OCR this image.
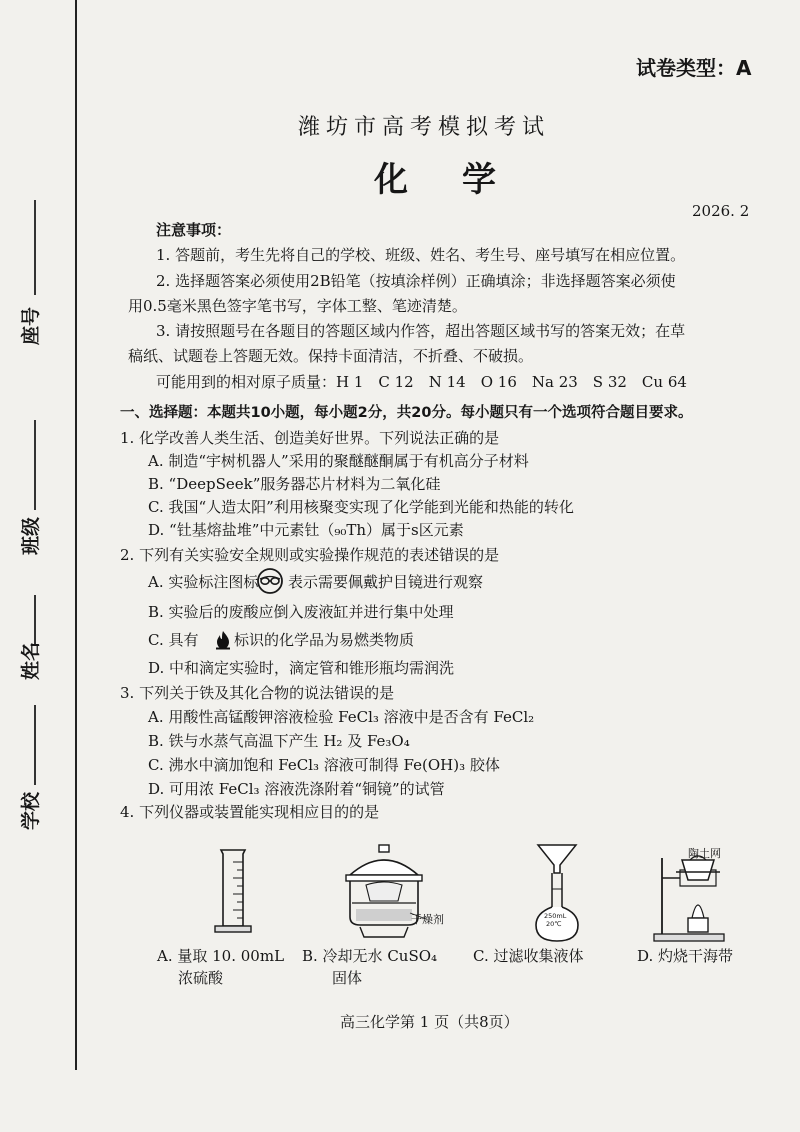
座号
班级
姓名
学校
试卷类型：A
潍坊市高考模拟考试
化学
2026. 2
注意事项：
1. 答题前，考生先将自己的学校、班级、姓名、考生号、座号填写在相应位置。
2. 选择题答案必须使用2B铅笔（按填涂样例）正确填涂；非选择题答案必须使
用0.5毫米黑色签字笔书写，字体工整、笔迹清楚。
3. 请按照题号在各题目的答题区域内作答，超出答题区域书写的答案无效；在草
稿纸、试题卷上答题无效。保持卡面清洁，不折叠、不破损。
可能用到的相对原子质量：H 1　C 12　N 14　O 16　Na 23　S 32　Cu 64
一、选择题：本题共10小题，每小题2分，共20分。每小题只有一个选项符合题目要求。
1. 化学改善人类生活、创造美好世界。下列说法正确的是
A. 制造“宇树机器人”采用的聚醚醚酮属于有机高分子材料
B. “DeepSeek”服务器芯片材料为二氧化硅
C. 我国“人造太阳”利用核聚变实现了化学能到光能和热能的转化
D. “钍基熔盐堆”中元素钍（₉₀Th）属于s区元素
2. 下列有关实验安全规则或实验操作规范的表述错误的是
A. 实验标注图标 表示需要佩戴护目镜进行观察
B. 实验后的废酸应倒入废液缸并进行集中处理
C. 具有 标识的化学品为易燃类物质
D. 中和滴定实验时，滴定管和锥形瓶均需润洗
3. 下列关于铁及其化合物的说法错误的是
A. 用酸性高锰酸钾溶液检验 FeCl₃ 溶液中是否含有 FeCl₂
B. 铁与水蒸气高温下产生 H₂ 及 Fe₃O₄
C. 沸水中滴加饱和 FeCl₃ 溶液可制得 Fe(OH)₃ 胶体
D. 可用浓 FeCl₃ 溶液洗涤附着“铜镜”的试管
4. 下列仪器或装置能实现相应目的的是
干燥剂	250mL
20℃
陶土网
A. 量取 10. 00mL
浓硫酸
B. 冷却无水 CuSO₄
固体
C. 过滤收集液体	D. 灼烧干海带
高三化学第 1 页（共8页）
